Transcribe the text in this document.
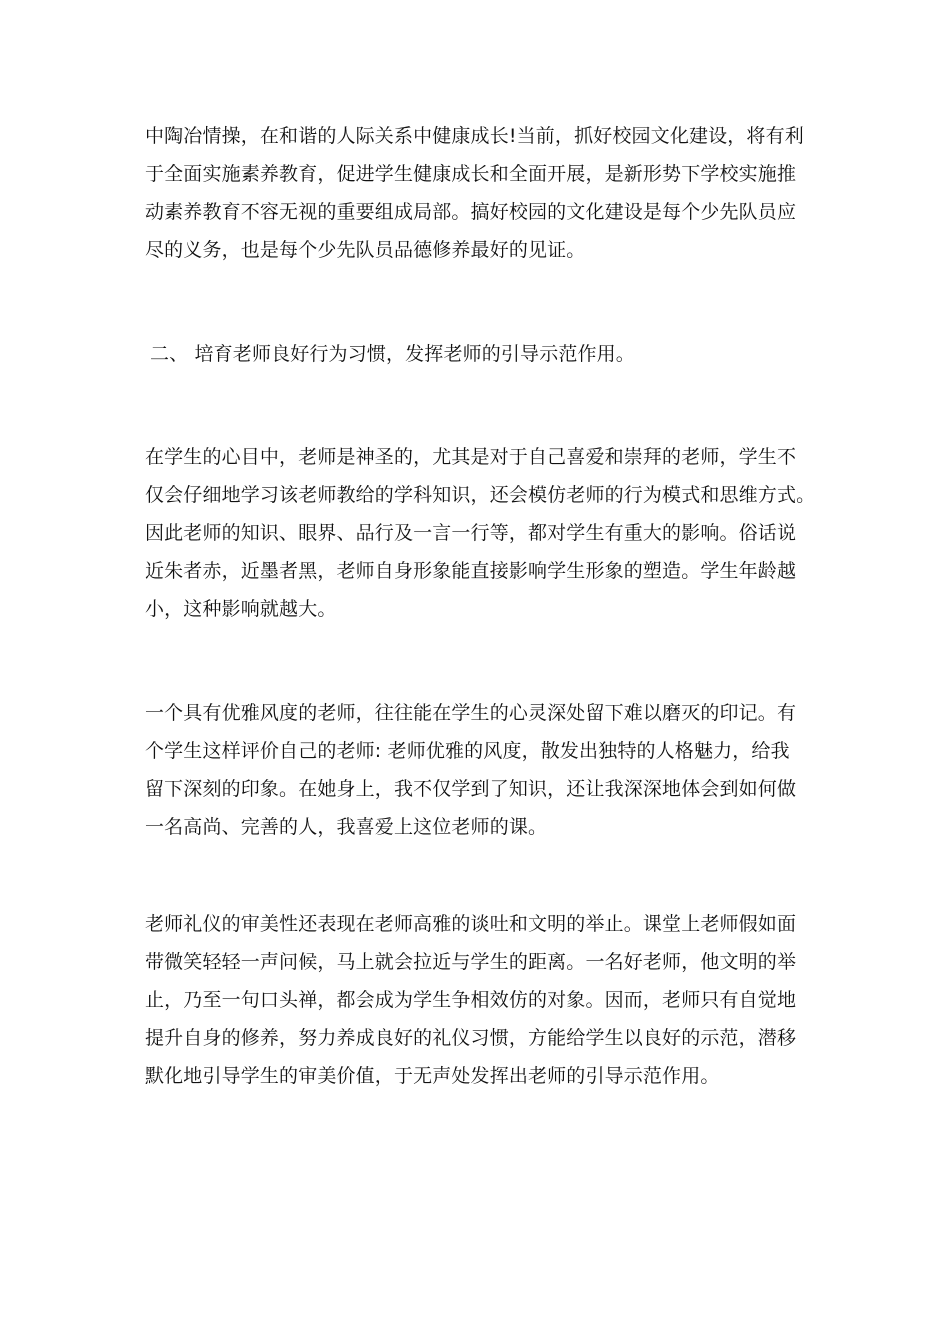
中陶冶情操，在和谐的人际关系中健康成长!当前，抓好校园文化建设，将有利
于全面实施素养教育，促进学生健康成长和全面开展，是新形势下学校实施推
动素养教育不容无视的重要组成局部。搞好校园的文化建设是每个少先队员应
尽的义务，也是每个少先队员品德修养最好的见证。
二、 培育老师良好行为习惯，发挥老师的引导示范作用。
在学生的心目中，老师是神圣的，尤其是对于自己喜爱和崇拜的老师，学生不
仅会仔细地学习该老师教给的学科知识，还会模仿老师的行为模式和思维方式。
因此老师的知识、眼界、品行及一言一行等，都对学生有重大的影响。俗话说
近朱者赤，近墨者黑，老师自身形象能直接影响学生形象的塑造。学生年龄越
小，这种影响就越大。
一个具有优雅风度的老师，往往能在学生的心灵深处留下难以磨灭的印记。有
个学生这样评价自己的老师: 老师优雅的风度，散发出独特的人格魅力，给我
留下深刻的印象。在她身上，我不仅学到了知识，还让我深深地体会到如何做
一名高尚、完善的人，我喜爱上这位老师的课。
老师礼仪的审美性还表现在老师高雅的谈吐和文明的举止。课堂上老师假如面
带微笑轻轻一声问候，马上就会拉近与学生的距离。一名好老师，他文明的举
止，乃至一句口头禅，都会成为学生争相效仿的对象。因而，老师只有自觉地
提升自身的修养，努力养成良好的礼仪习惯，方能给学生以良好的示范，潜移
默化地引导学生的审美价值，于无声处发挥出老师的引导示范作用。
